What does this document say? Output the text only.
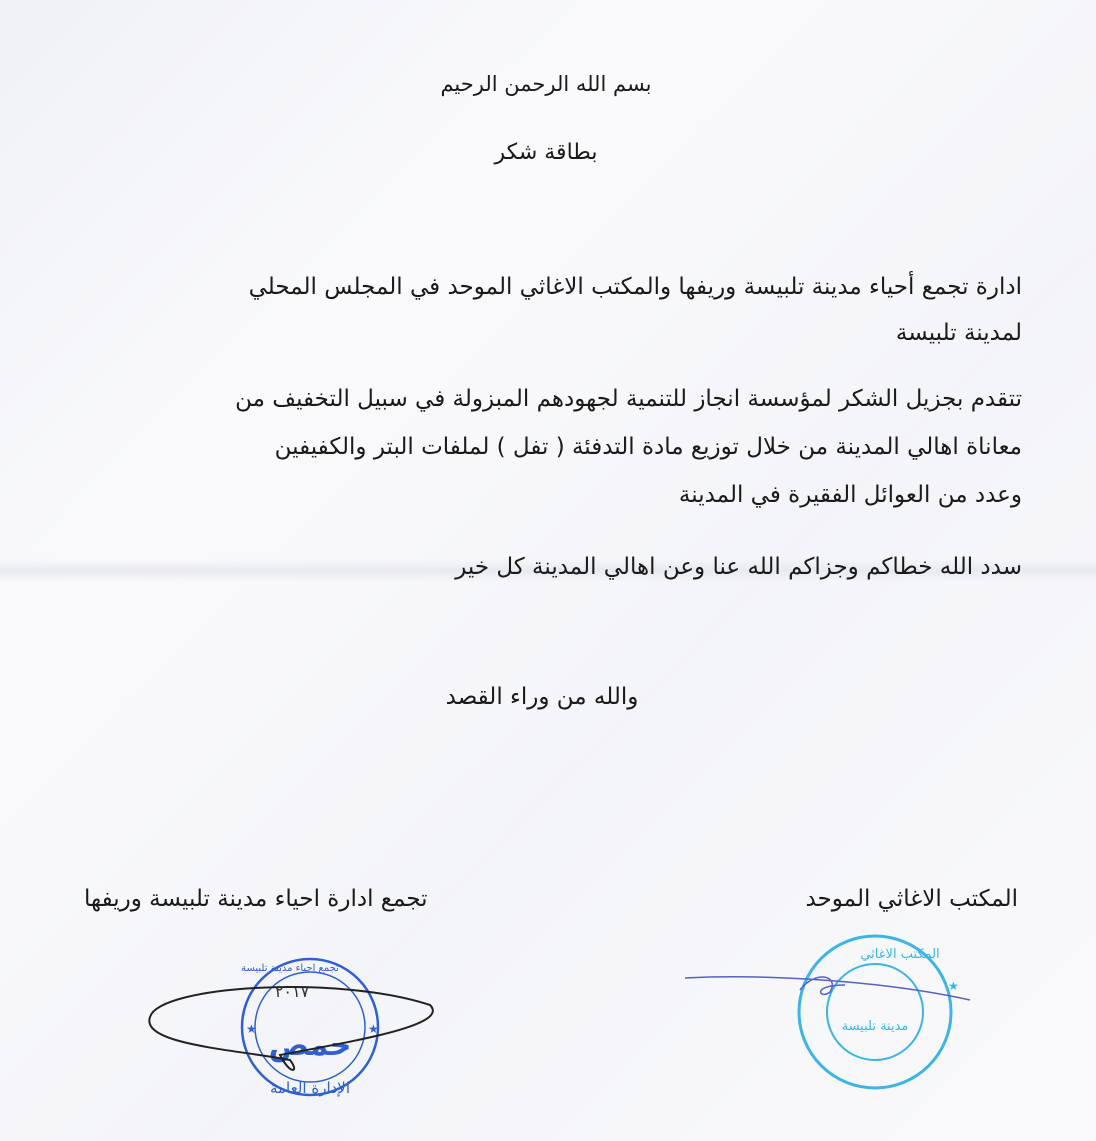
بسم الله الرحمن الرحيم
بطاقة شكر
ادارة تجمع أحياء مدينة تلبيسة وريفها والمكتب الاغاثي الموحد في المجلس المحلي
لمدينة تلبيسة
تتقدم بجزيل الشكر لمؤسسة انجاز للتنمية لجهودهم المبزولة في سبيل التخفيف من
معاناة اهالي المدينة من خلال توزيع مادة التدفئة ( تفل ) لملفات البتر والكفيفين
وعدد من العوائل الفقيرة في المدينة
سدد الله خطاكم وجزاكم الله عنا وعن اهالي المدينة كل خير
والله من وراء القصد
المكتب الاغاثي الموحد
تجمع ادارة احياء مدينة تلبيسة وريفها
تجمع احياء مدينة تلبيسة
٢٠١٧
حمص
الإدارة العامة
★	★
المكتب الاغاثي
مدينة تلبيسة
★
